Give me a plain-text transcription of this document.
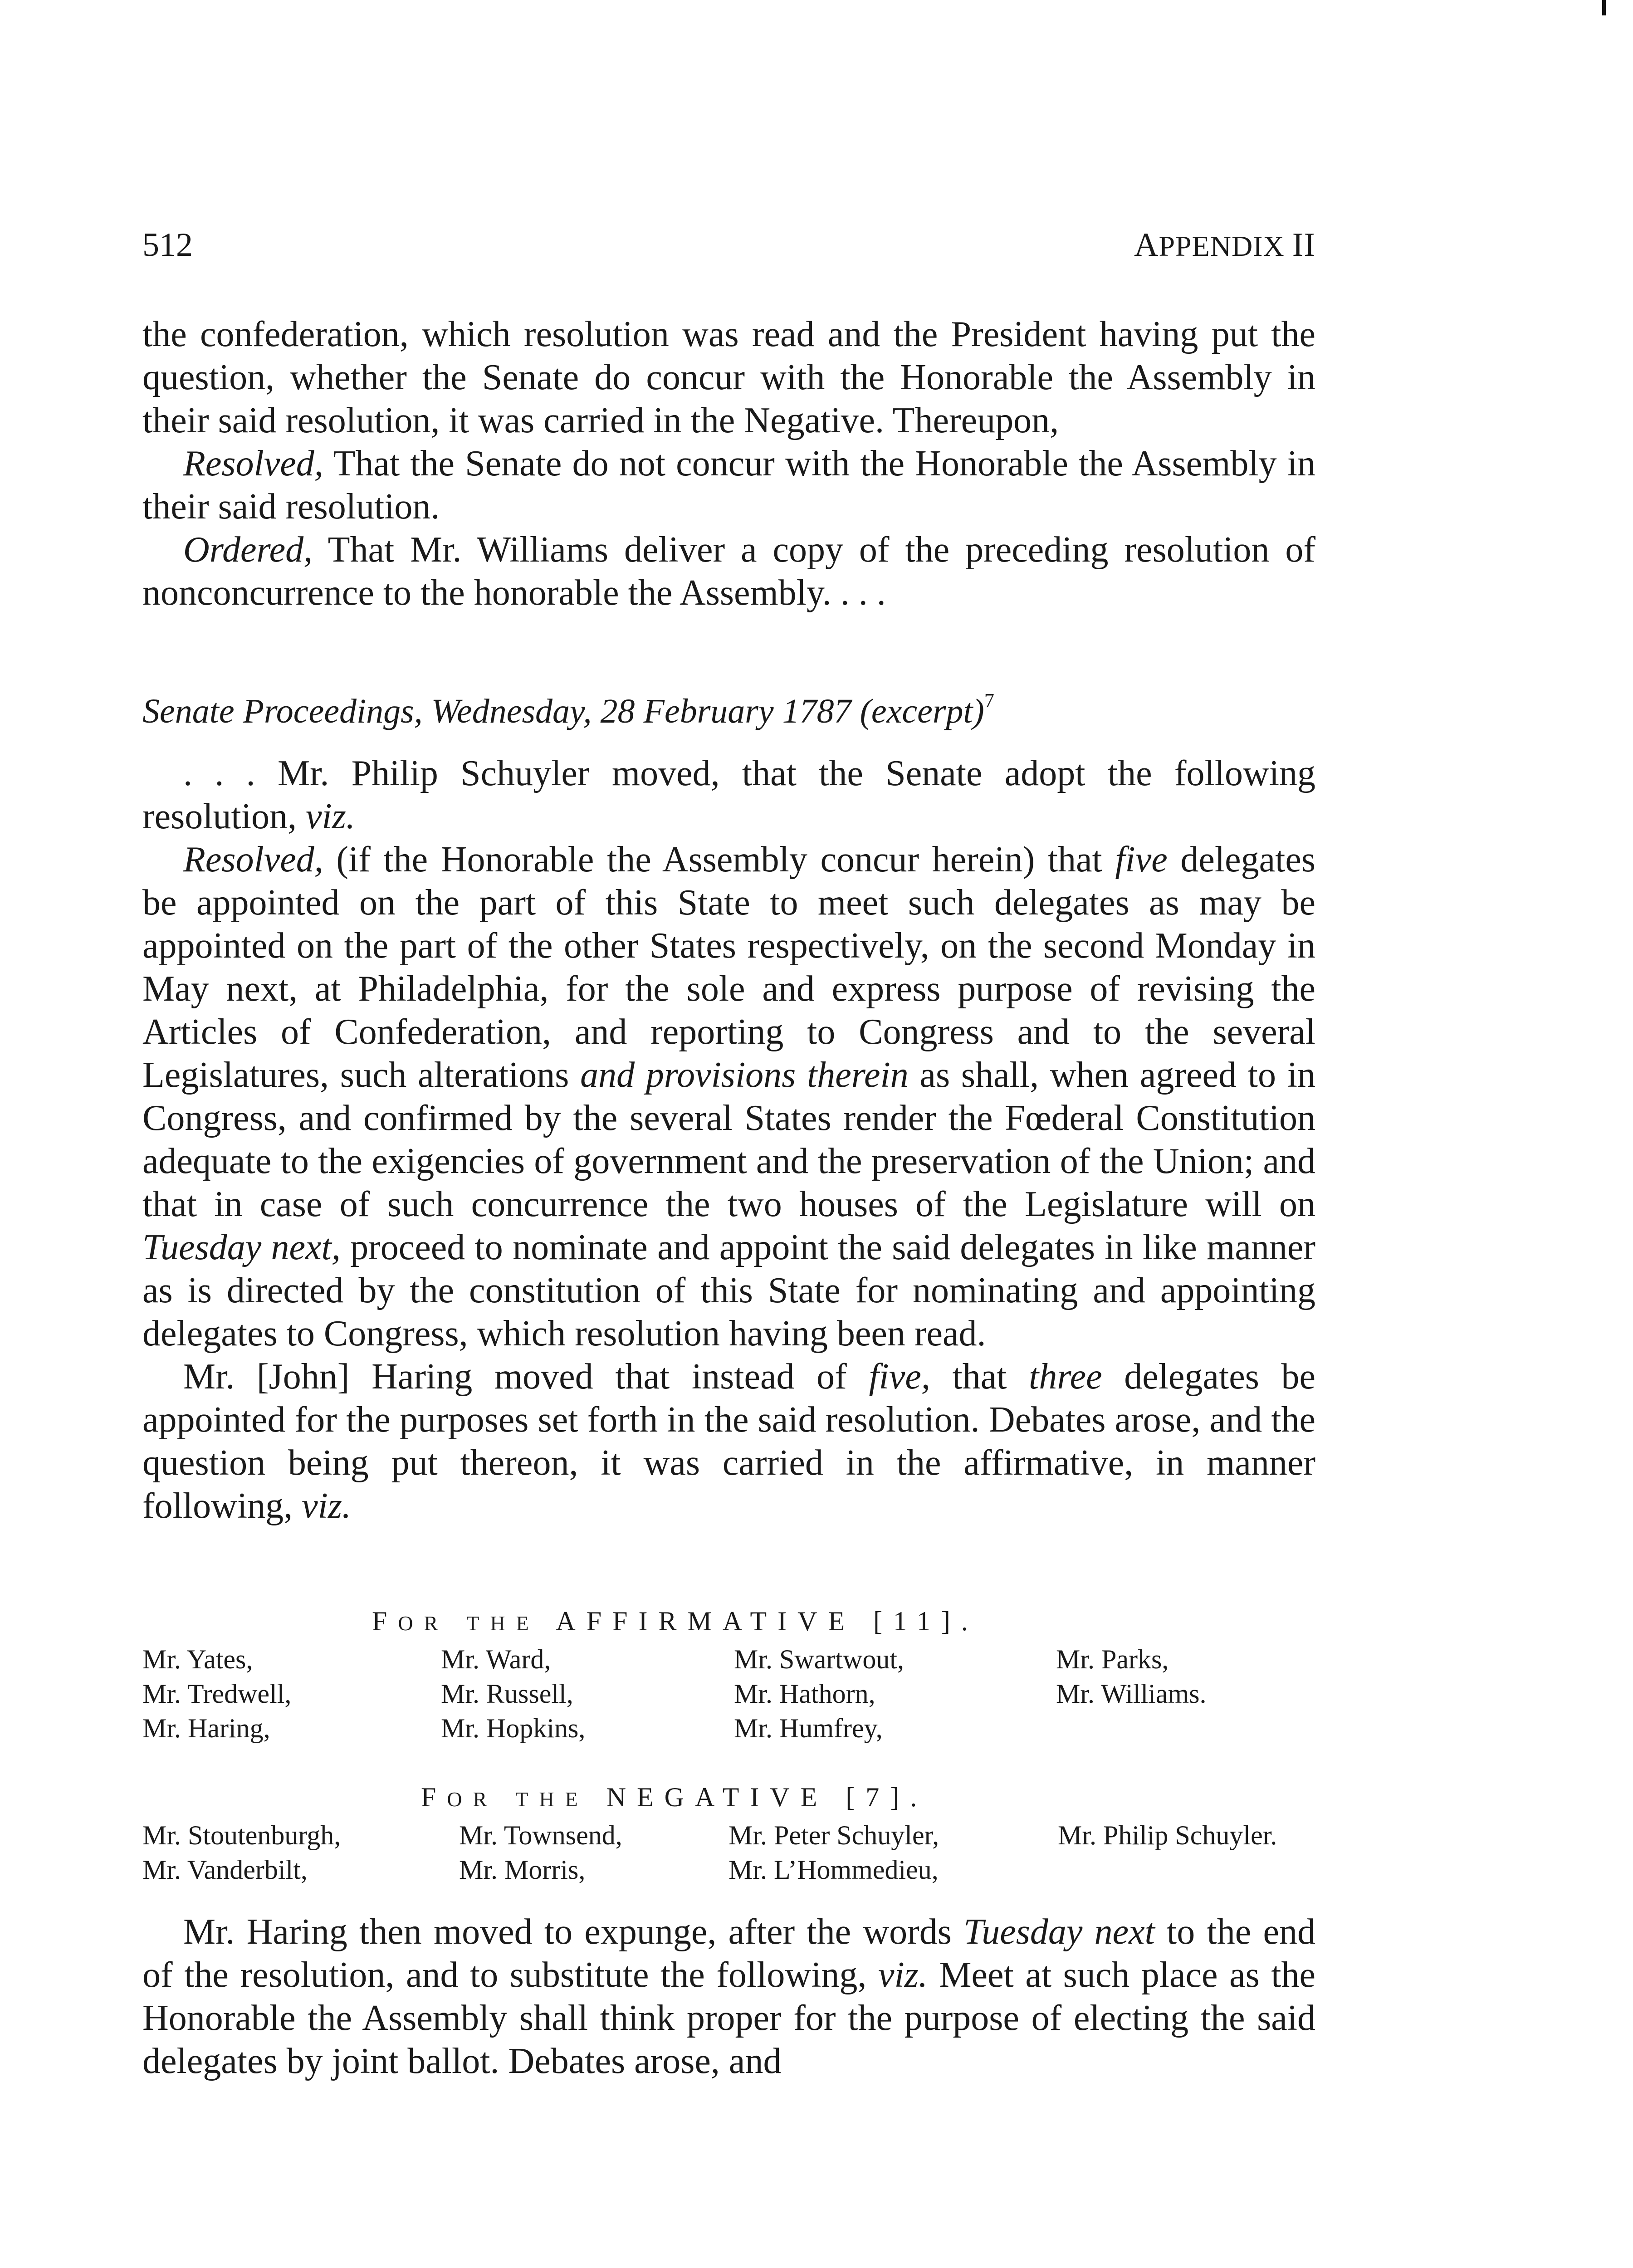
512	APPENDIX II
the confederation, which resolution was read and the President having put the question, whether the Senate do concur with the Honorable the Assembly in their said resolution, it was carried in the Negative. Thereupon,
Resolved, That the Senate do not concur with the Honorable the Assembly in their said resolution.
Ordered, That Mr. Williams deliver a copy of the preceding resolution of nonconcurrence to the honorable the Assembly. . . .
Senate Proceedings, Wednesday, 28 February 1787 (excerpt)$^7$
. . . Mr. Philip Schuyler moved, that the Senate adopt the following resolution, viz.
Resolved, (if the Honorable the Assembly concur herein) that five delegates be appointed on the part of this State to meet such delegates as may be appointed on the part of the other States respectively, on the second Monday in May next, at Philadelphia, for the sole and express purpose of revising the Articles of Confederation, and reporting to Congress and to the several Legislatures, such alterations and provisions therein as shall, when agreed to in Congress, and confirmed by the several States render the Fœderal Constitution adequate to the exigencies of government and the preservation of the Union; and that in case of such concurrence the two houses of the Legislature will on Tuesday next, proceed to nominate and appoint the said delegates in like manner as is directed by the constitution of this State for nominating and appointing delegates to Congress, which resolution having been read.
Mr. [John] Haring moved that instead of five, that three delegates be appointed for the purposes set forth in the said resolution. Debates arose, and the question being put thereon, it was carried in the affirmative, in manner following, viz.
FOR THE AFFIRMATIVE [11].
Mr. Yates,
Mr. Tredwell,
Mr. Haring,
Mr. Ward,
Mr. Russell,
Mr. Hopkins,
Mr. Swartwout,
Mr. Hathorn,
Mr. Humfrey,
Mr. Parks,
Mr. Williams.
FOR THE NEGATIVE [7].
Mr. Stoutenburgh,
Mr. Vanderbilt,
Mr. Townsend,
Mr. Morris,
Mr. Peter Schuyler,
Mr. L’Hommedieu,
Mr. Philip Schuyler.
Mr. Haring then moved to expunge, after the words Tuesday next to the end of the resolution, and to substitute the following, viz. Meet at such place as the Honorable the Assembly shall think proper for the purpose of electing the said delegates by joint ballot. Debates arose, and
